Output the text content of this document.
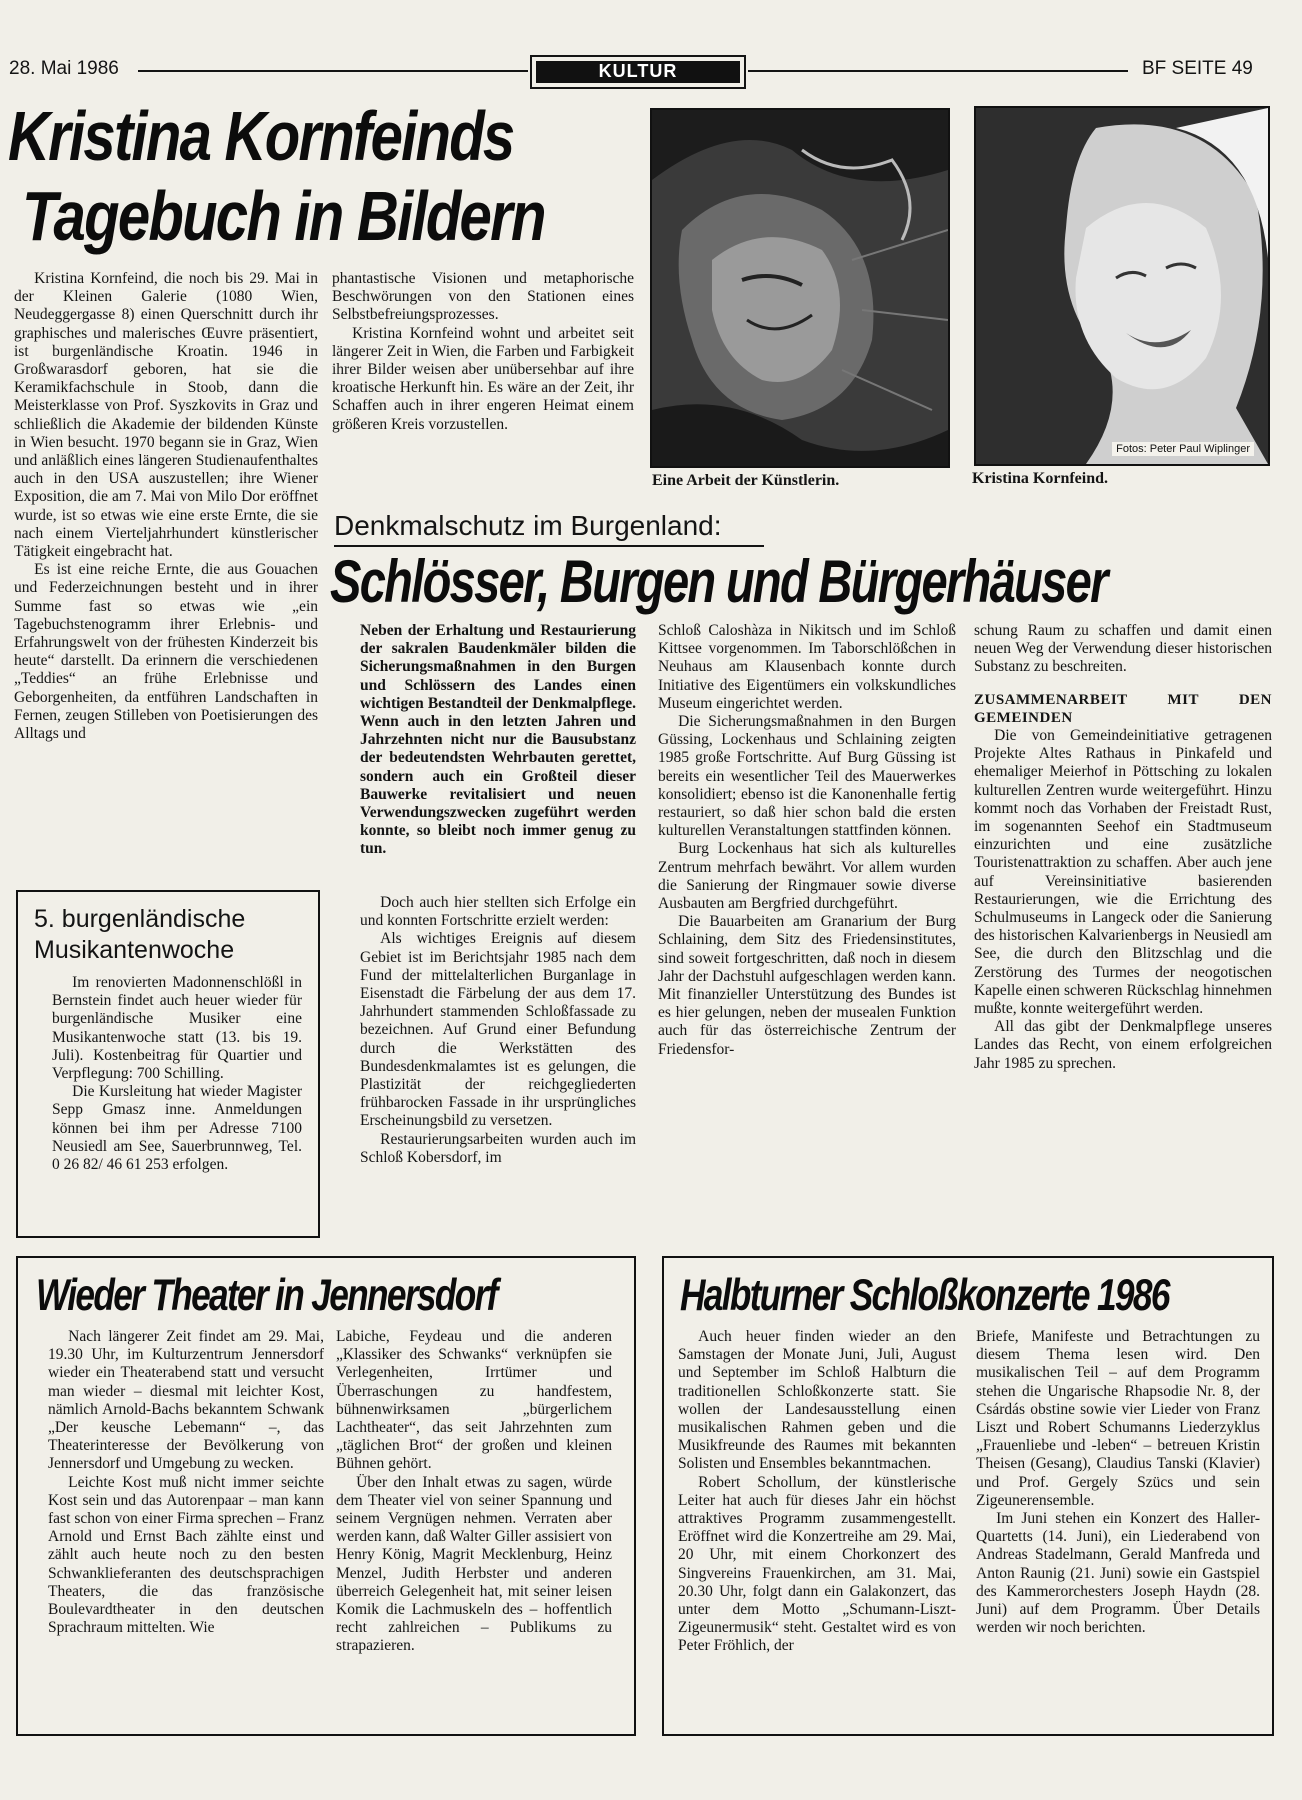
28. Mai 1986	KULTUR	BF SEITE 49
Kristina Kornfeinds
Tagebuch in Bildern

Kristina Kornfeind, die noch bis 29. Mai in der Kleinen Galerie (1080 Wien, Neudeggergasse 8) einen Querschnitt durch ihr graphisches und malerisches Œuvre präsentiert, ist burgenländische Kroatin. 1946 in Großwarasdorf geboren, hat sie die Keramikfachschule in Stoob, dann die Meisterklasse von Prof. Syszkovits in Graz und schließlich die Akademie der bildenden Künste in Wien besucht. 1970 begann sie in Graz, Wien und anläßlich eines längeren Studienaufenthaltes auch in den USA auszustellen; ihre Wiener Exposition, die am 7. Mai von Milo Dor eröffnet wurde, ist so etwas wie eine erste Ernte, die sie nach einem Vierteljahrhundert künstlerischer Tätigkeit eingebracht hat.

Es ist eine reiche Ernte, die aus Gouachen und Federzeichnungen besteht und in ihrer Summe fast so etwas wie „ein Tagebuchstenogramm ihrer Erlebnis- und Erfahrungswelt von der frühesten Kinderzeit bis heute“ darstellt. Da erinnern die verschiedenen „Teddies“ an frühe Erlebnisse und Geborgenheiten, da entführen Landschaften in Fernen, zeugen Stilleben von Poetisierungen des Alltags und

phantastische Visionen und metaphorische Beschwörungen von den Stationen eines Selbstbefreiungsprozesses.

Kristina Kornfeind wohnt und arbeitet seit längerer Zeit in Wien, die Farben und Farbigkeit ihrer Bilder weisen aber unübersehbar auf ihre kroatische Herkunft hin. Es wäre an der Zeit, ihr Schaffen auch in ihrer engeren Heimat einem größeren Kreis vorzustellen.

Eine Arbeit der Künstlerin.
Fotos: Peter Paul Wiplinger
Kristina Kornfeind.
Denkmalschutz im Burgenland:
Schlösser, Burgen und Bürgerhäuser

Neben der Erhaltung und Restaurierung der sakralen Baudenkmäler bilden die Sicherungsmaßnahmen in den Burgen und Schlössern des Landes einen wichtigen Bestandteil der Denkmalpflege. Wenn auch in den letzten Jahren und Jahrzehnten nicht nur die Bausubstanz der bedeutendsten Wehrbauten gerettet, sondern auch ein Großteil dieser Bauwerke revitalisiert und neuen Verwendungszwecken zugeführt werden konnte, so bleibt noch immer genug zu tun.

Doch auch hier stellten sich Erfolge ein und konnten Fortschritte erzielt werden:

Als wichtiges Ereignis auf diesem Gebiet ist im Berichtsjahr 1985 nach dem Fund der mittelalterlichen Burganlage in Eisenstadt die Färbelung der aus dem 17. Jahrhundert stammenden Schloßfassade zu bezeichnen. Auf Grund einer Befundung durch die Werkstätten des Bundesdenkmalamtes ist es gelungen, die Plastizität der reichgegliederten frühbarocken Fassade in ihr ursprüngliches Erscheinungsbild zu versetzen.

Restaurierungsarbeiten wurden auch im Schloß Kobersdorf, im

Schloß Caloshàza in Nikitsch und im Schloß Kittsee vorgenommen. Im Taborschlößchen in Neuhaus am Klausenbach konnte durch Initiative des Eigentümers ein volkskundliches Museum eingerichtet werden.

Die Sicherungsmaßnahmen in den Burgen Güssing, Lockenhaus und Schlaining zeigten 1985 große Fortschritte. Auf Burg Güssing ist bereits ein wesentlicher Teil des Mauerwerkes konsolidiert; ebenso ist die Kanonenhalle fertig restauriert, so daß hier schon bald die ersten kulturellen Veranstaltungen stattfinden können.

Burg Lockenhaus hat sich als kulturelles Zentrum mehrfach bewährt. Vor allem wurden die Sanierung der Ringmauer sowie diverse Ausbauten am Bergfried durchgeführt.

Die Bauarbeiten am Granarium der Burg Schlaining, dem Sitz des Friedensinstitutes, sind soweit fortgeschritten, daß noch in diesem Jahr der Dachstuhl aufgeschlagen werden kann. Mit finanzieller Unterstützung des Bundes ist es hier gelungen, neben der musealen Funktion auch für das österreichische Zentrum der Friedensfor-

schung Raum zu schaffen und damit einen neuen Weg der Verwendung dieser historischen Substanz zu beschreiten.

ZUSAMMENARBEIT MIT DEN GEMEINDEN

Die von Gemeindeinitiative getragenen Projekte Altes Rathaus in Pinkafeld und ehemaliger Meierhof in Pöttsching zu lokalen kulturellen Zentren wurde weitergeführt. Hinzu kommt noch das Vorhaben der Freistadt Rust, im sogenannten Seehof ein Stadtmuseum einzurichten und eine zusätzliche Touristenattraktion zu schaffen. Aber auch jene auf Vereinsinitiative basierenden Restaurierungen, wie die Errichtung des Schulmuseums in Langeck oder die Sanierung des historischen Kalvarienbergs in Neusiedl am See, die durch den Blitzschlag und die Zerstörung des Turmes der neogotischen Kapelle einen schweren Rückschlag hinnehmen mußte, konnte weitergeführt werden.

All das gibt der Denkmalpflege unseres Landes das Recht, von einem erfolgreichen Jahr 1985 zu sprechen.

5. burgenländische
Musikantenwoche

Im renovierten Madonnenschlößl in Bernstein findet auch heuer wieder für burgenländische Musiker eine Musikantenwoche statt (13. bis 19. Juli). Kostenbeitrag für Quartier und Verpflegung: 700 Schilling.

Die Kursleitung hat wieder Magister Sepp Gmasz inne. Anmeldungen können bei ihm per Adresse 7100 Neusiedl am See, Sauerbrunnweg, Tel. 0 26 82/ 46 61 253 erfolgen.

Wieder Theater in Jennersdorf

Nach längerer Zeit findet am 29. Mai, 19.30 Uhr, im Kulturzentrum Jennersdorf wieder ein Theaterabend statt und versucht man wieder – diesmal mit leichter Kost, nämlich Arnold-Bachs bekanntem Schwank „Der keusche Lebemann“ –, das Theaterinteresse der Bevölkerung von Jennersdorf und Umgebung zu wecken.

Leichte Kost muß nicht immer seichte Kost sein und das Autorenpaar – man kann fast schon von einer Firma sprechen – Franz Arnold und Ernst Bach zählte einst und zählt auch heute noch zu den besten Schwanklieferanten des deutschsprachigen Theaters, die das französische Boulevardtheater in den deutschen Sprachraum mittelten. Wie

Labiche, Feydeau und die anderen „Klassiker des Schwanks“ verknüpfen sie Verlegenheiten, Irrtümer und Überraschungen zu handfestem, bühnenwirksamen „bürgerlichem Lachtheater“, das seit Jahrzehnten zum „täglichen Brot“ der großen und kleinen Bühnen gehört.

Über den Inhalt etwas zu sagen, würde dem Theater viel von seiner Spannung und seinem Vergnügen nehmen. Verraten aber werden kann, daß Walter Giller assisiert von Henry König, Magrit Mecklenburg, Heinz Menzel, Judith Herbster und anderen überreich Gelegenheit hat, mit seiner leisen Komik die Lachmuskeln des – hoffentlich recht zahlreichen – Publikums zu strapazieren.

Halbturner Schloßkonzerte 1986

Auch heuer finden wieder an den Samstagen der Monate Juni, Juli, August und September im Schloß Halbturn die traditionellen Schloßkonzerte statt. Sie wollen der Landesausstellung einen musikalischen Rahmen geben und die Musikfreunde des Raumes mit bekannten Solisten und Ensembles bekanntmachen.

Robert Schollum, der künstlerische Leiter hat auch für dieses Jahr ein höchst attraktives Programm zusammengestellt. Eröffnet wird die Konzertreihe am 29. Mai, 20 Uhr, mit einem Chorkonzert des Singvereins Frauenkirchen, am 31. Mai, 20.30 Uhr, folgt dann ein Galakonzert, das unter dem Motto „Schumann-Liszt-Zigeunermusik“ steht. Gestaltet wird es von Peter Fröhlich, der

Briefe, Manifeste und Betrachtungen zu diesem Thema lesen wird. Den musikalischen Teil – auf dem Programm stehen die Ungarische Rhapsodie Nr. 8, der Csárdás obstine sowie vier Lieder von Franz Liszt und Robert Schumanns Liederzyklus „Frauenliebe und -leben“ – betreuen Kristin Theisen (Gesang), Claudius Tanski (Klavier) und Prof. Gergely Szücs und sein Zigeunerensemble.

Im Juni stehen ein Konzert des Haller-Quartetts (14. Juni), ein Liederabend von Andreas Stadelmann, Gerald Manfreda und Anton Raunig (21. Juni) sowie ein Gastspiel des Kammerorchesters Joseph Haydn (28. Juni) auf dem Programm. Über Details werden wir noch berichten.
